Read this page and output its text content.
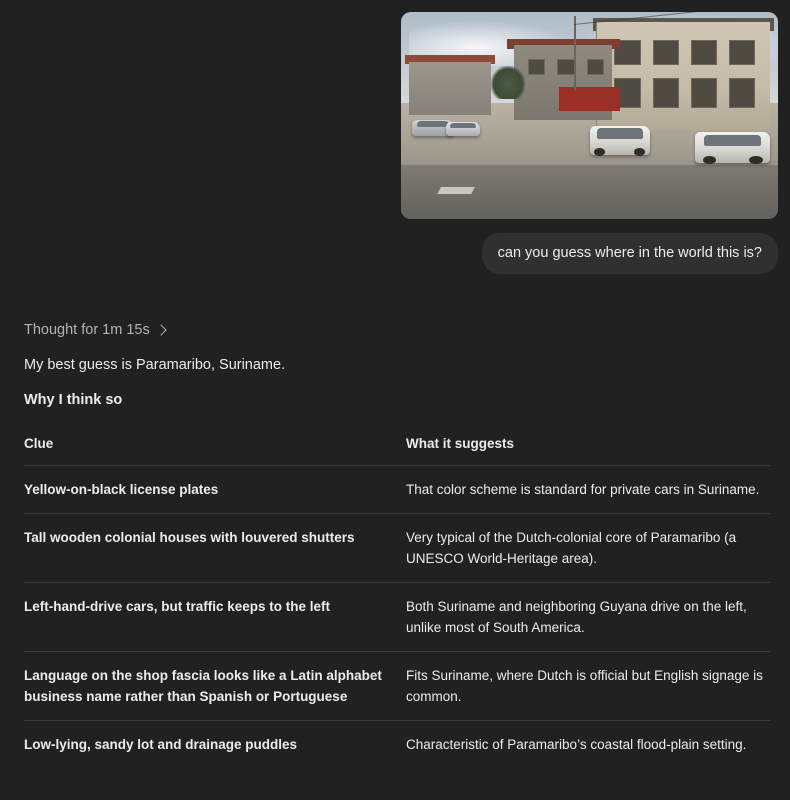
can you guess where in the world this is?
Thought for 1m 15s
My best guess is Paramaribo, Suriname.
Why I think so
Clue	What it suggests
Yellow-on-black license plates	That color scheme is standard for private cars in Suriname.
Tall wooden colonial houses with louvered shutters	Very typical of the Dutch-colonial core of Paramaribo (a UNESCO World-Heritage area).
Left-hand-drive cars, but traffic keeps to the left	Both Suriname and neighboring Guyana drive on the left, unlike most of South America.
Language on the shop fascia looks like a Latin alphabet business name rather than Spanish or Portuguese	Fits Suriname, where Dutch is official but English signage is common.
Low-lying, sandy lot and drainage puddles	Characteristic of Paramaribo’s coastal flood-plain setting.
